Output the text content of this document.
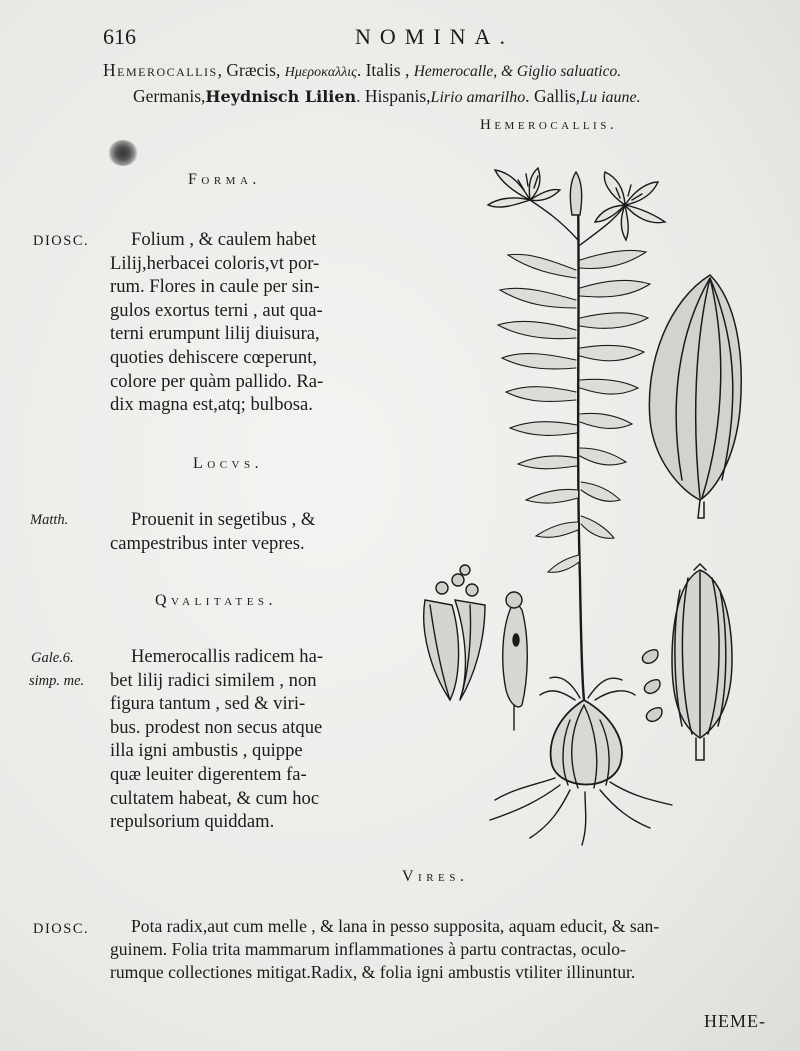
616	NOMINA.
Hemerocallis, Græcis, Ημεροκαλλις. Italis , Hemerocalle, & Giglio saluatico.
Germanis,Heydnisch Lilien. Hispanis,Lirio amarilho. Gallis,Lu iaune.
Hemerocallis.
Forma.
DIOSC.	Folium , & caulem habet
Lilij,herbacei coloris,vt por-
rum. Flores in caule per sin-
gulos exortus terni , aut qua-
terni erumpunt lilij diuisura,
quoties dehiscere cœperunt,
colore per quàm pallido. Ra-
dix magna est,atq; bulbosa.
Locvs.
Matth.	Prouenit in segetibus , &
campestribus inter vepres.
Qvalitates.
Gale.6.
simp. me.
Hemerocallis radicem ha-
bet lilij radici similem , non
figura tantum , sed & viri-
bus. prodest non secus atque
illa igni ambustis , quippe
quæ leuiter digerentem fa-
cultatem habeat, & cum hoc
repulsorium quiddam.
Vires.
DIOSC.	Pota radix,aut cum melle , & lana in pesso supposita, aquam educit, & san-
guinem. Folia trita mammarum inflammationes à partu contractas, oculo-
rumque collectiones mitigat.Radix, & folia igni ambustis vtiliter illinuntur.
HEME-
